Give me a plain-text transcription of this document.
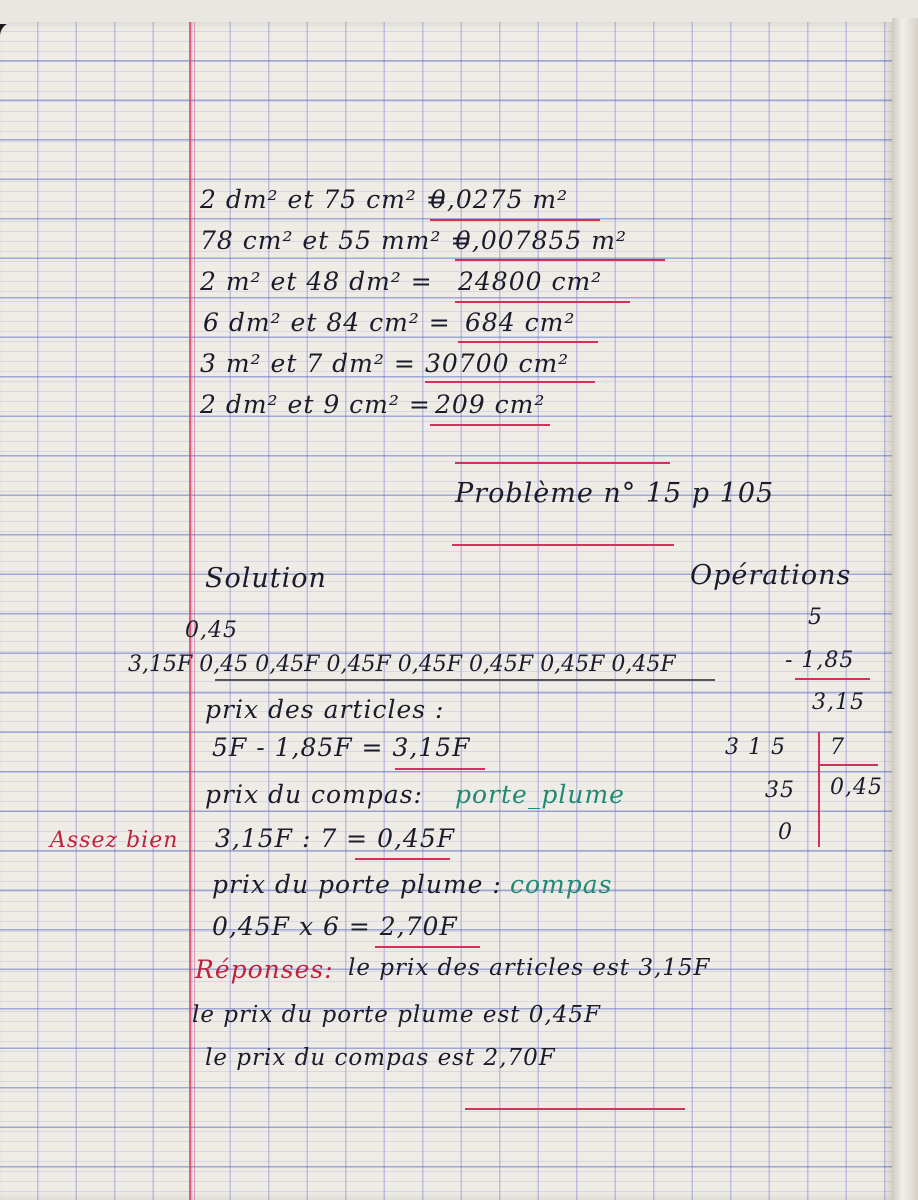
2 dm² et 75 cm² =
0,0275 m²
78 cm² et 55 mm² =
0,007855 m²
2 m² et 48 dm² = 24800 cm²
6 dm² et 84 cm² = 684 cm²
3 m² et 7 dm² = 30700 cm²
2 dm² et 9 cm² = 209 cm²
Problème n° 15 p 105
Solution	Opérations
0,45
3,15F 0,45 0,45F 0,45F 0,45F 0,45F 0,45F 0,45F
prix des articles :
5F - 1,85F = 3,15F
prix du compas: porte_plume
Assez bien 3,15F : 7 = 0,45F
prix du porte plume : compas
0,45F x 6 = 2,70F
Réponses: le prix des articles est 3,15F
le prix du porte plume est 0,45F
le prix du compas est 2,70F
5
- 1,85
3,15
3 1 5 7
35 0,45
0
